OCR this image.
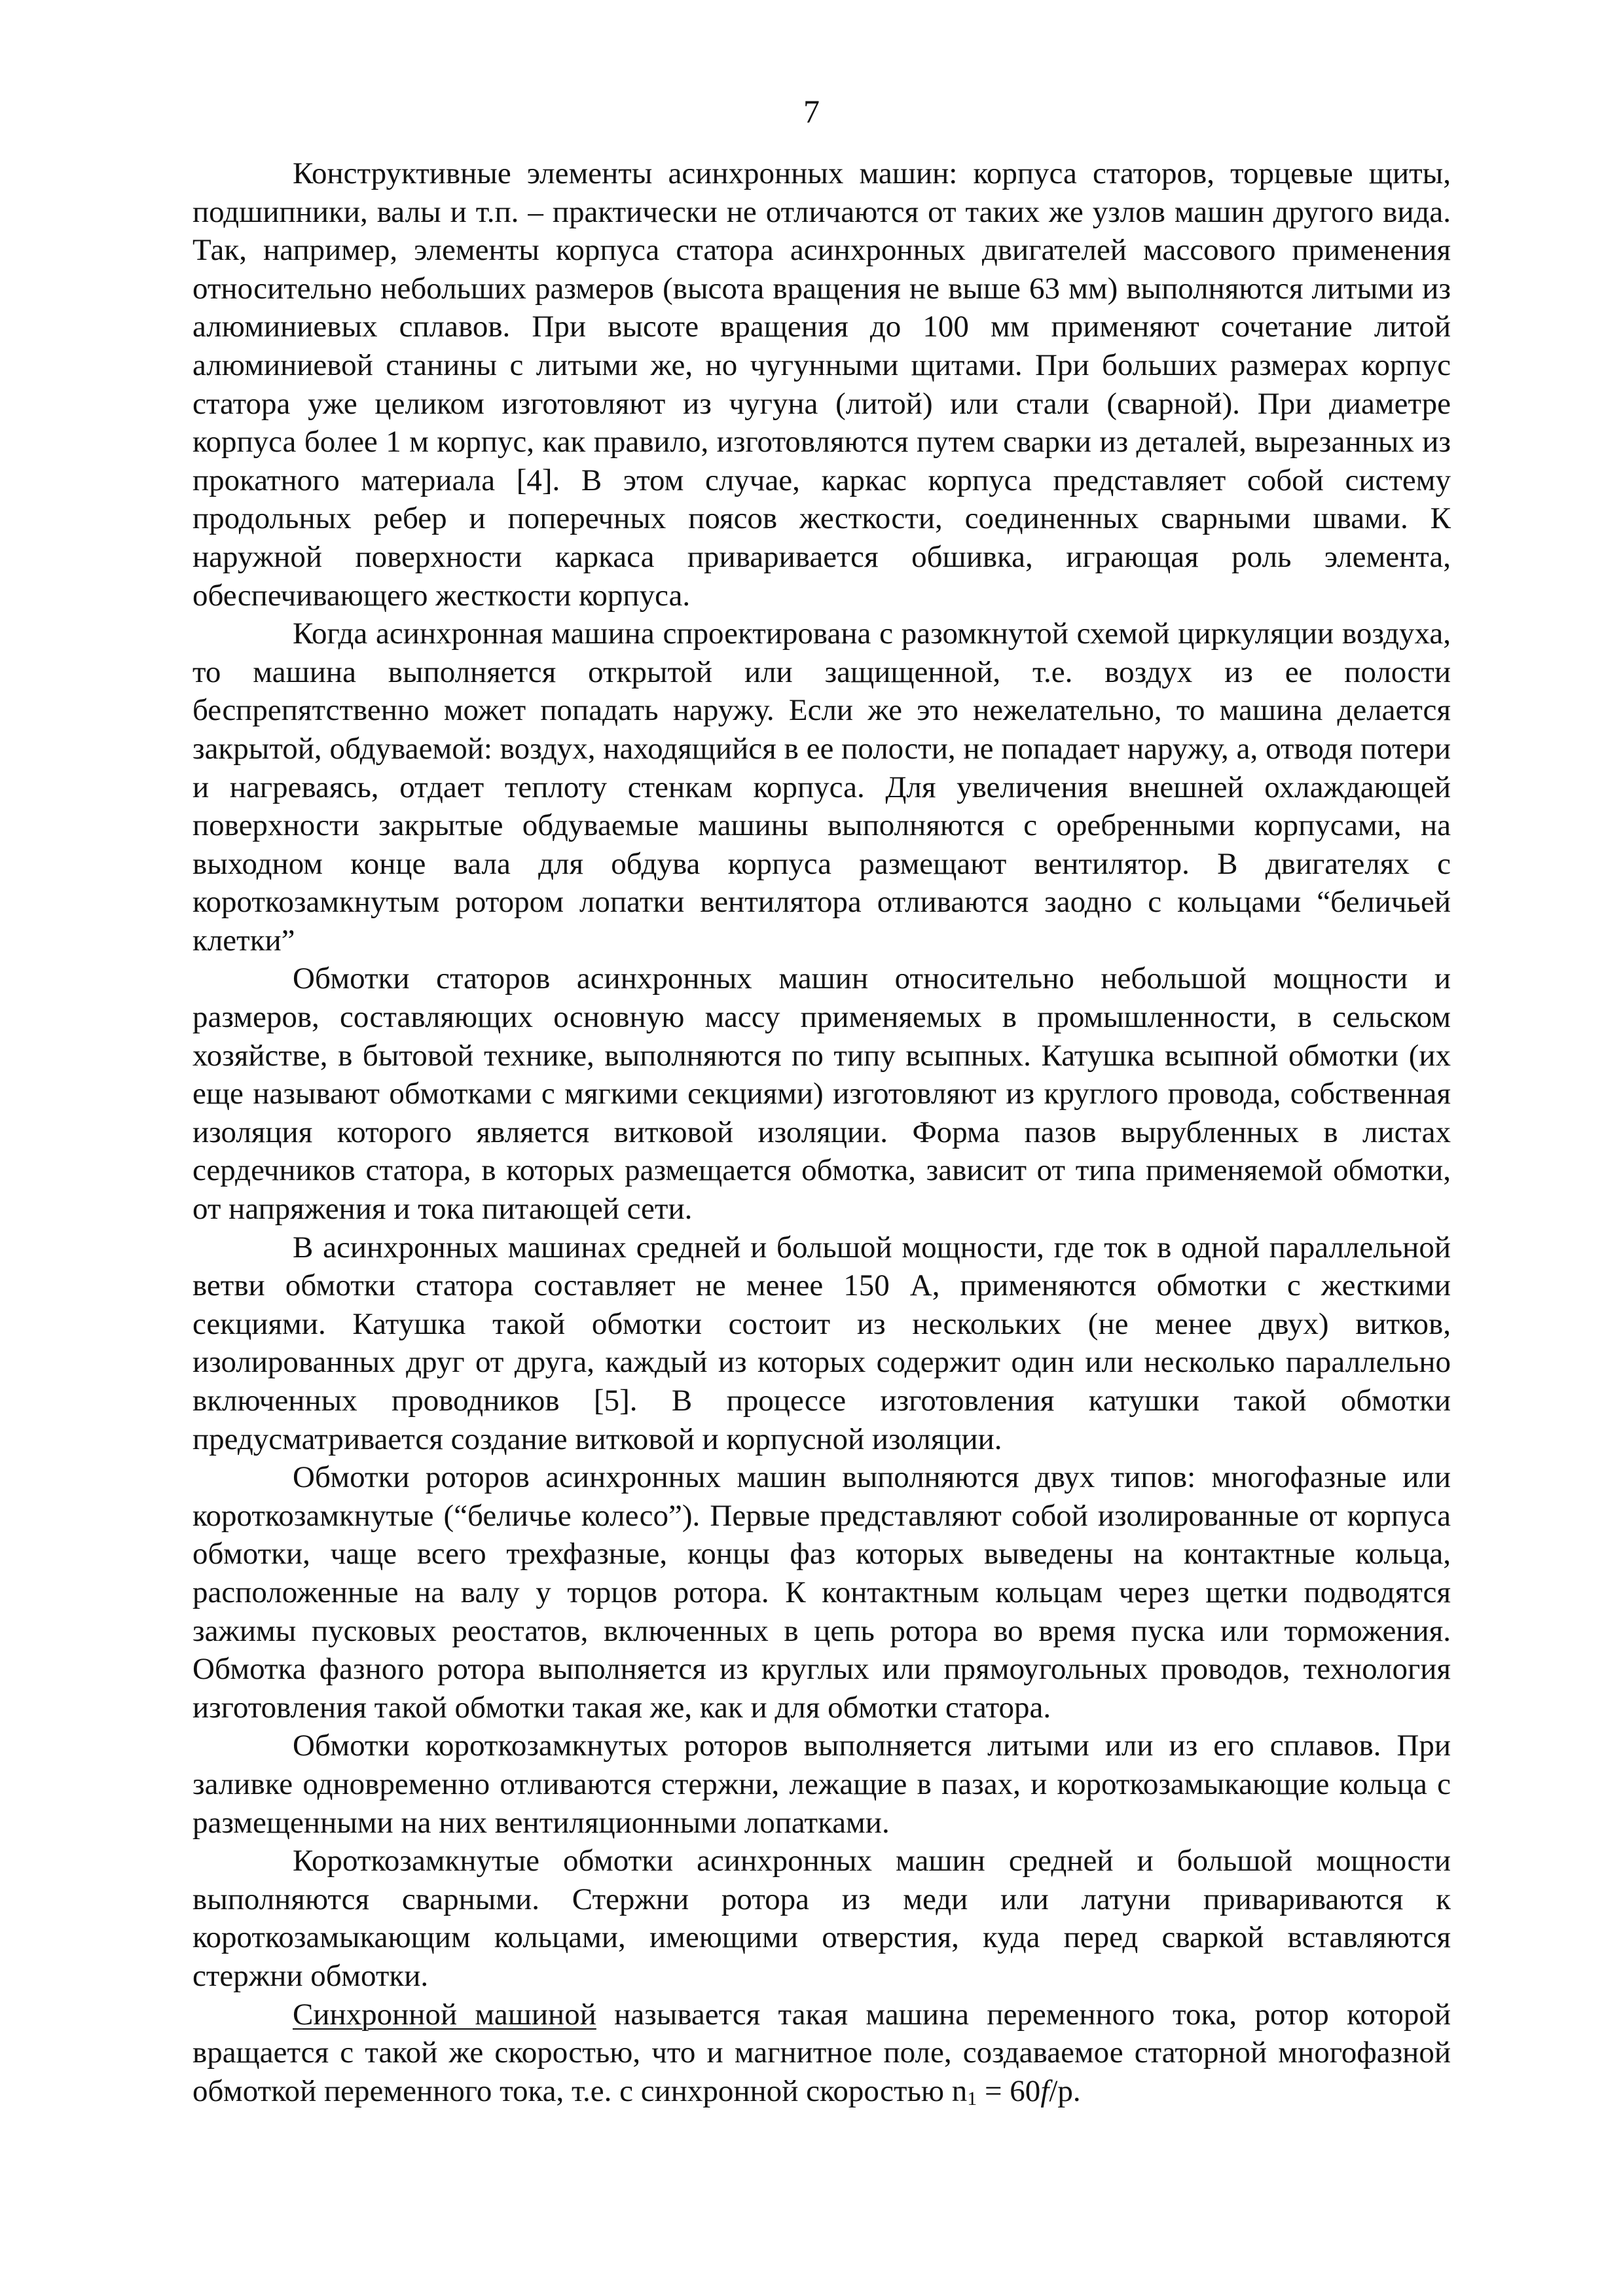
7

Конструктивные элементы асинхронных машин: корпуса статоров, торцевые щиты, подшипники, валы и т.п. – практически не отличаются от таких же узлов машин другого вида. Так, например, элементы корпуса статора асинхронных двигателей массового применения относительно небольших размеров (высота вращения не выше 63 мм) выполняются литыми из алюминиевых сплавов. При высоте вращения до 100 мм применяют сочетание литой алюминиевой станины с литыми же, но чугунными щитами. При больших размерах корпус статора уже целиком изготовляют из чугуна (литой) или стали (сварной). При диаметре корпуса более 1 м корпус, как правило, изготовляются путем сварки из деталей, вырезанных из прокатного материала [4]. В этом случае, каркас корпуса представляет собой систему продольных ребер и поперечных поясов жесткости, соединенных сварными швами. К наружной поверхности каркаса приваривается обшивка, играющая роль элемента, обеспечивающего жесткости корпуса.

Когда асинхронная машина спроектирована с разомкнутой схемой циркуляции воздуха, то машина выполняется открытой или защищенной, т.е. воздух из ее полости беспрепятственно может попадать наружу. Если же это нежелательно, то машина делается закрытой, обдуваемой: воздух, находящийся в ее полости, не попадает наружу, а, отводя потери и нагреваясь, отдает теплоту стенкам корпуса. Для увеличения внешней охлаждающей поверхности закрытые обдуваемые машины выполняются с оребренными корпусами, на выходном конце вала для обдува корпуса размещают вентилятор. В двигателях с короткозамкнутым ротором лопатки вентилятора отливаются заодно с кольцами “беличьей клетки”

Обмотки статоров асинхронных машин относительно небольшой мощности и размеров, составляющих основную массу применяемых в промышленности, в сельском хозяйстве, в бытовой технике, выполняются по типу всыпных. Катушка всыпной обмотки (их еще называют обмотками с мягкими секциями) изготовляют из круглого провода, собственная изоляция которого является витковой изоляции. Форма пазов вырубленных в листах сердечников статора, в которых размещается обмотка, зависит от типа применяемой обмотки, от напряжения и тока питающей сети.

В асинхронных машинах средней и большой мощности, где ток в одной параллельной ветви обмотки статора составляет не менее 150 А, применяются обмотки с жесткими секциями. Катушка такой обмотки состоит из нескольких (не менее двух) витков, изолированных друг от друга, каждый из которых содержит один или несколько параллельно включенных проводников [5]. В процессе изготовления катушки такой обмотки предусматривается создание витковой и корпусной изоляции.

Обмотки роторов асинхронных машин выполняются двух типов: многофазные или короткозамкнутые (“беличье колесо”). Первые представляют собой изолированные от корпуса обмотки, чаще всего трехфазные, концы фаз которых выведены на контактные кольца, расположенные на валу у торцов ротора. К контактным кольцам через щетки подводятся зажимы пусковых реостатов, включенных в цепь ротора во время пуска или торможения. Обмотка фазного ротора выполняется из круглых или прямоугольных проводов, технология изготовления такой обмотки такая же, как и для обмотки статора.

Обмотки короткозамкнутых роторов выполняется литыми или из его сплавов. При заливке одновременно отливаются стержни, лежащие в пазах, и короткозамыкающие кольца с размещенными на них вентиляционными лопатками.

Короткозамкнутые обмотки асинхронных машин средней и большой мощности выполняются сварными. Стержни ротора из меди или латуни привариваются к короткозамыкающим кольцами, имеющими отверстия, куда перед сваркой вставляются стержни обмотки.

Синхронной машиной называется такая машина переменного тока, ротор которой вращается с такой же скоростью, что и магнитное поле, создаваемое статорной многофазной обмоткой переменного тока, т.е. с синхронной скоростью $n_1 = 60f/p$.
